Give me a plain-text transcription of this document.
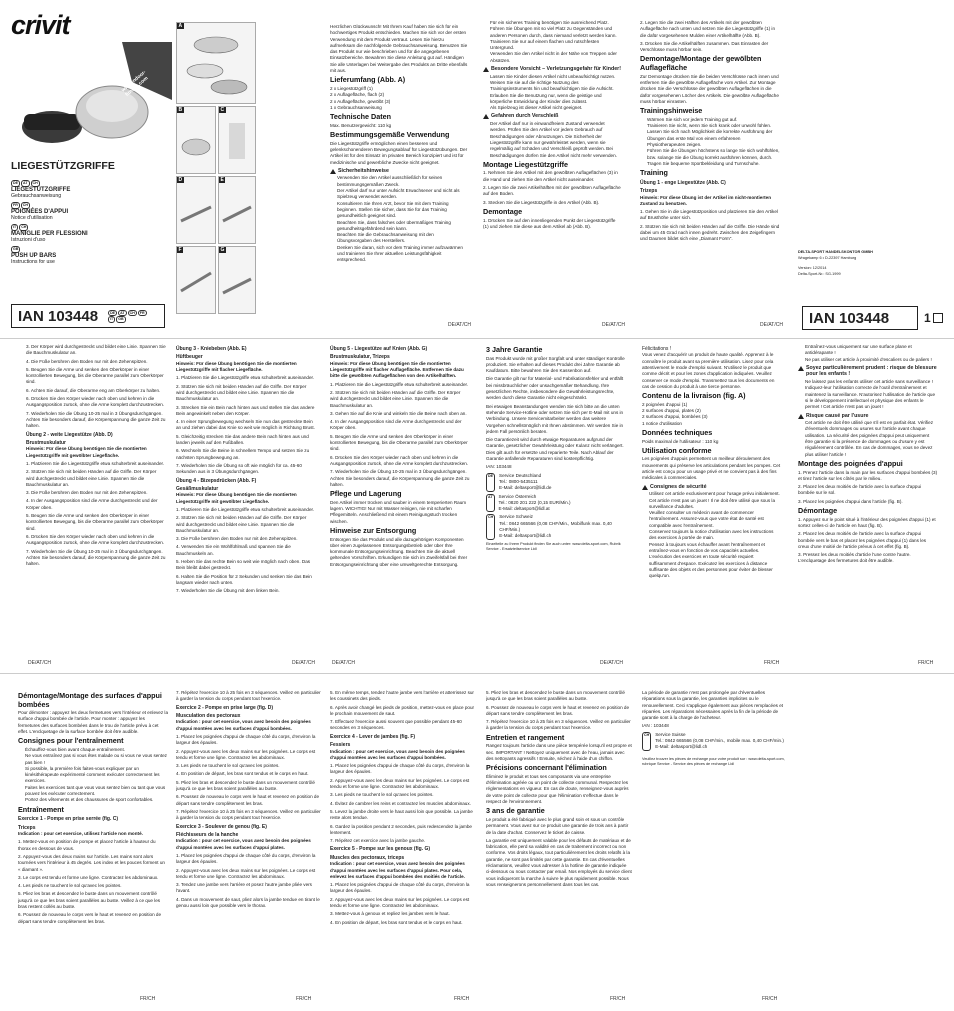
crivit
www.indoor-fitness.com
LIEGESTÜTZGRIFFE
DE AT CH
LIEGESTÜTZGRIFFE
Gebrauchsanweisung
FR CH
POIGNÉES D'APPUI
Notice d'utilisation
IT CH
MANIGLIE PER FLESSIONI
Istruzioni d'uso
GB
PUSH UP BARS
Instructions for use
IAN 103448	DE	AT	CH	FR
IT	GB
A
B	C
D	E
F	G

Herzlichen Glückwunsch! Mit Ihrem Kauf haben Sie sich für ein hochwertiges Produkt entschieden. Machen Sie sich vor der ersten Verwendung mit dem Produkt vertraut. Lesen Sie hierzu aufmerksam die nachfolgende Gebrauchsanweisung. Benutzen Sie das Produkt nur wie beschrieben und für die angegebenen Einsatzbereiche. Bewahren Sie diese Anleitung gut auf. Händigen Sie alle Unterlagen bei Weitergabe des Produkts an Dritte ebenfalls mit aus.

Lieferumfang (Abb. A)
2 x Liegestützgriff (1)
2 x Auflagefläche, flach (2)
2 x Auflagefläche, gewölbt (3)
1 x Gebrauchsanweisung
Technische Daten

Max. Benutzergewicht: 110 kg

Bestimmungsgemäße Verwendung

Die Liegestützgriffe ermöglichen einen besseren und gelenkschonenderen Bewegungsablauf für Liegestützübungen. Der Artikel ist für den Einsatz im privaten Bereich konzipiert und ist für medizinische und gewerbliche Zwecke nicht geeignet.

Sicherheitshinweise
• Verwenden Sie den Artikel ausschließlich für seinen bestimmungsgemäßen Zweck.
• Der Artikel darf nur unter Aufsicht Erwachsener und nicht als Spielzeug verwendet werden.
• Konsultieren Sie Ihren Arzt, bevor Sie mit dem Training beginnen. Stellen Sie sicher, dass Sie für das Training gesundheitlich geeignet sind.
• Beachten Sie, dass falsches oder übermäßiges Training gesundheitsgefährdend sein kann.
• Beachten Sie die Gebrauchsanweisung mit den Übungsvorgaben des Herstellers.
• Denken Sie daran, sich vor dem Training immer aufzuwärmen und trainieren Sie Ihrer aktuellen Leistungsfähigkeit entsprechend.
DE/AT/CH
• Für ein sicheres Training benötigen Sie ausreichend Platz. Führen Sie Übungen mit so viel Platz zu Gegenständen und anderen Personen durch, dass niemand verletzt werden kann.
• Trainieren Sie nur auf einem flachen und rutschfesten Untergrund.
• Verwenden Sie den Artikel nicht in der Nähe von Treppen oder Absätzen.
Besondere Vorsicht – Verletzungsgefahr für Kinder!
• Lassen Sie Kinder diesen Artikel nicht unbeaufsichtigt nutzen. Weisen Sie sie auf die richtige Nutzung des Trainingsinstruments hin und beaufsichtigen Sie die Aufsicht. Erlauben Sie die Benutzung nur, wenn die geistige und körperliche Entwicklung der Kinder dies zulässt.
• Als Spielzeug ist dieser Artikel nicht geeignet.
Gefahren durch Verschleiß
• Der Artikel darf nur in einwandfreiem Zustand verwendet werden. Prüfen Sie den Artikel vor jedem Gebrauch auf Beschädigungen oder Abnutzungen. Die Sicherheit der Liegestützgriffe kann nur gewährleistet werden, wenn sie regelmäßig auf Schäden und Verschleiß geprüft werden. Bei Beschädigungen dürfen Sie den Artikel nicht mehr verwenden.
Montage Liegestützgriffe

1. Nehmen Sie den Artikel mit den gewölbten Auflageflächen (3) in die Hand und ziehen Sie den Artikel nicht auseinander.

2. Legen Sie die zwei Artikelhälften mit der gewölbten Auflagefläche auf den Boden.

3. Stecken Sie die Liegestützgriffe in den Artikel (Abb. B).

Demontage

1. Drücken Sie auf den innenliegenden Punkt der Liegestützgriffe (1) und ziehen Sie diese aus dem Artikel ab (Abb. B).

DE/AT/CH

2. Legen Sie die zwei Hälften des Artikels mit der gewölbten Auflagefläche nach unten und setzen Sie die Liegestützgriffe (1) in die dafür vorgesehenen Mulden einer Artikelhälfte (Abb. B).

3. Drücken Sie die Artikelhälften zusammen. Das Einrasten der Verschlüsse muss hörbar sein.

Demontage/Montage der gewölbten Auflagefläche

Zur Demontage drücken Sie die beiden Verschlüsse nach innen und entfernen Sie die gewölbte Auflagefläche vom Artikel. Zur Montage drücken Sie die Verschlüsse der gewölbten Auflageflächen in die dafür vorgesehenen Löcher des Artikels. Die gewölbte Auflagefläche muss hörbar einrasten.

Trainingshinweise
• Wärmen Sie sich vor jedem Training gut auf.
• Trainieren Sie nicht, wenn Sie sich krank oder unwohl fühlen.
• Lassen Sie sich nach Möglichkeit die korrekte Ausführung der Übungen das erste Mal von einem erfahrenen Physiotherapeuten zeigen.
• Führen Sie die Übungen höchstens so lange Sie sich wohlfühlen, bzw. solange Sie die Übung korrekt ausführen können, durch.
• Tragen Sie bequeme Sportbekleidung und Turnschuhe.
Training
Übung 1 - enge Liegestütze (Abb. C)
Trizeps

Hinweis: Für diese Übung ist der Artikel im nicht-montierten Zustand zu benutzen.

1. Gehen Sie in die Liegestützposition und platzieren Sie den Artikel auf Brusthöhe unter sich.

2. Stützen Sie sich mit beiden Händen auf die Griffe. Die Hände sind dabei um 45 Grad nach innen gedreht. Zwischen den Zeigefingern und Daumen bildet sich eine „Diamant Form“.

DE/AT/CH
DELTA-SPORT HANDELSKONTOR GMBH
Wragekamp 6 • D-22397 Hamburg
Version: 12/2014
Delta-Sport-Nr.: SG-1999
IAN 103448	1

3. Der Körper wird durchgestreckt und bildet eine Linie. Spannen Sie die Bauchmuskulatur an.

4. Die Füße berühren den Boden nur mit den Zehenspitzen.

5. Beugen Sie die Arme und senken den Oberkörper in einer kontrollierten Bewegung, bis die Oberarme parallel zum Oberkörper sind.

6. Achten Sie darauf, die Oberarme eng am Oberkörper zu halten.

6. Drücken Sie den Körper wieder nach oben und kehren in die Ausgangsposition zurück, ohne die Arme komplett durchzustrecken.

7. Wiederholen Sie die Übung 10-25 mal in 3 Übungsdurchgängen. Achten Sie besonders darauf, die Körperspannung die ganze Zeit zu halten.

Übung 2 - weite Liegestütze (Abb. D)
Brustmuskulatur

Hinweis: Für diese Übung benötigen Sie die montierten Liegestützgriffe mit gewölbter Liegefläche.

1. Platzieren Sie die Liegestützgriffe etwa schulterbreit auseinander.

2. Stützen Sie sich mit beiden Händen auf die Griffe. Der Körper wird durchgestreckt und bildet eine Linie. Spannen Sie die Bauchmuskulatur an.

3. Die Füße berühren den Boden nur mit den Zehenspitzen.

4. In der Ausgangsposition sind die Arme durchgestreckt und der Körper oben.

5. Beugen Sie die Arme und senken den Oberkörper in einer kontrollierten Bewegung, bis die Oberarme parallel zum Oberkörper sind.

6. Drücken Sie den Körper wieder nach oben und kehren in die Ausgangsposition zurück, ohne die Arme komplett durchzustrecken.

7. Wiederholen Sie die Übung 10-25 mal in 3 Übungsdurchgängen. Achten Sie besonders darauf, die Körperspannung die ganze Zeit zu halten.

DE/AT/CH
Übung 3 - Kniebeben (Abb. E)
Hüftbeuger

Hinweis: Für diese Übung benötigen Sie die montierten Liegestützgriffe mit flacher Liegefläche.

1. Platzieren Sie die Liegestützgriffe etwa schulterbreit auseinander.

2. Stützen Sie sich mit beiden Händen auf die Griffe. Der Körper wird durchgestreckt und bildet eine Linie. Spannen Sie die Bauchmuskulatur an.

3. Strecken Sie ein Bein nach hinten aus und stellen Sie das andere Bein angewinkelt neben den Körper.

4. In einer Sprungbewegung wechseln Sie nun das gestreckte Bein an und ziehen dabei das Knie so weit wie möglich in Richtung Brust.

5. Gleichzeitig strecken Sie das andere Bein nach hinten aus und landen jeweils auf den Fußballen.

6. Wechseln Sie die Beine in schnellem Tempo und setzen Sie zu nächsten Sprungbewegung an.

7. Wiederholen Sie die Übung so oft wie möglich für ca. 45-60 Sekunden aus in 3 Übungsdurchgängen.

Übung 4 - Bizepsdrücken (Abb. F)
Gesäßmuskulatur

Hinweis: Für diese Übung benötigen Sie die montierten Liegestützgriffe mit gewölbter Liegefläche.

1. Platzieren Sie die Liegestützgriffe etwa schulterbreit auseinander.

2. Stützen Sie sich mit beiden Händen auf die Griffe. Der Körper wird durchgestreckt und bildet eine Linie. Spannen Sie die Bauchmuskulatur an.

3. Die Füße berühren den Boden nur mit den Zehenspitzen.

4. Verwenden Sie ein Wohlfühlmaß und spannen Sie die Bauchmuskeln an.

5. Heben Sie das rechte Bein so weit wie möglich nach oben. Das Bein bleibt dabei gestreckt.

6. Halten Sie die Position für 2 Sekunden und senken Sie das Bein langsam wieder nach unten.

7. Wiederholen Sie die Übung mit dem linken Bein.

DE/AT/CH
Übung 5 - Liegestütze auf Knien (Abb. G)
Brustmuskulatur, Trizeps

Hinweis: Für diese Übung benötigen Sie die montierten Liegestützgriffe mit flacher Auflagefläche. Entfernen Sie dazu bitte die gewölbten Auflageflächen von den Artikelhälften.

1. Platzieren Sie die Liegestützgriffe etwa schulterbreit auseinander.

2. Stützen Sie sich mit beiden Händen auf die Griffe. Der Körper wird durchgestreckt und bildet eine Linie. Spannen Sie die Bauchmuskulatur an.

3. Gehen Sie auf die Knie und winkeln Sie die Beine nach oben an.

4. In der Ausgangsposition sind die Arme durchgestreckt und der Körper oben.

5. Beugen Sie die Arme und senken den Oberkörper in einer kontrollierten Bewegung, bis die Oberarme parallel zum Oberkörper sind.

6. Drücken Sie den Körper wieder nach oben und kehren in die Ausgangsposition zurück, ohne die Arme komplett durchzustrecken.

7. Wiederholen Sie die Übung 10-25 mal in 3 Übungsdurchgängen. Achten Sie besonders darauf, die Körperspannung die ganze Zeit zu halten.

Pflege und Lagerung

Den Artikel immer trocken und sauber in einem temperierten Raum lagern. WICHTIG! Nur mit Wasser reinigen, nie mit scharfen Pflegemitteln. Anschließend mit einem Reinigungstuch trocken wischen.

Hinweise zur Entsorgung

Entsorgen Sie das Produkt und alle dazugehörigen Komponenten über einen zugelassenen Entsorgungsbetrieb oder über Ihre kommunale Entsorgungseinrichtung. Beachten Sie die aktuell geltenden Vorschriften. Erkundigen Sie sich im Zweifelsfall bei Ihrer Entsorgungseinrichtung über eine umweltgerechte Entsorgung.

DE/AT/CH
3 Jahre Garantie

Das Produkt wurde mit großer Sorgfalt und unter ständiger Kontrolle produziert. Sie erhalten auf dieses Produkt drei Jahre Garantie ab Kaufdatum. Bitte bewahren Sie den Kassenbon auf.

Die Garantie gilt nur für Material- und Fabrikationsfehler und entfällt bei missbräuchlicher oder unsachgemäßer Behandlung. Ihre gesetzlichen Rechte, insbesondere die Gewährleistungsrechte, werden durch diese Garantie nicht eingeschränkt.

Bei etwaigen Beanstandungen wenden Sie sich bitte an die unten stehende Service-Hotline oder setzen Sie sich per E-Mail mit uns in Verbindung. Unsere Servicemitarbeiter werden das weitere Vorgehen schnellstmöglich mit Ihnen abstimmen. Wir werden Sie in jedem Fall persönlich beraten.

Die Garantiezeit wird durch etwaige Reparaturen aufgrund der Garantie, gesetzlicher Gewährleistung oder Kulanz nicht verlängert. Dies gilt auch für ersetzte und reparierte Teile. Nach Ablauf der Garantie anfallende Reparaturen sind kostenpflichtig.

IAN: 103448

DE	Service Deutschland
Tel.: 0800-5435111
E-Mail: deltasport@lidl.de
AT	Service Österreich
Tel.: 0820 201 222 (0,15 EUR/Min.)
E-Mail: deltasport@lidl.at
CH	Service Schweiz
Tel.: 0842 665566 (0,08 CHF/Min., Mobilfunk max. 0,40 CHF/Min.)
E-Mail: deltasport@lidl.ch

Einzelteile zu Ihrem Produkt finden Sie auch unter: www.delta-sport.com, Rubrik Service - Ersatzteilservice Lidl

DE/AT/CH
Félicitations !

Vous venez d'acquérir un produit de haute qualité. Apprenez à le connaître le produit avant sa première utilisation. Lisez pour cela attentivement le mode d'emploi suivant. N'utilisez le produit que comme décrit et pour les zones d'application indiquées. Veuillez conserver ce mode d'emploi. Transmettez tous les documents en cas de cession du produit à une tierce personne.

Contenu de la livraison (fig. A)
2 poignées d'appui (1)
2 surfaces d'appui, plates (2)
2 surfaces d'appui, bombées (3)
1 notice d'utilisation
Données techniques

Poids maximal de l'utilisateur : 110 kg

Utilisation conforme

Les poignées d'appuis permettent un meilleur déroulement des mouvements qui préserve les articulations pendant les pompes. Cet article est conçu pour un usage privé et ne convient pas à des fins médicales à commerciales.

Consignes de sécurité
• Utilisez cet article exclusivement pour l'usage prévu initialement.
• Cet article n'est pas un jouet ! Il ne doit être utilisé que sous la surveillance d'adultes.
• Veuillez consulter un médecin avant de commencer l'entraînement. Assurez-vous que votre état de santé est compatible avec l'entraînement.
• Conservez toujours la notice d'utilisation avec les instructions des exercices à portée de main.
• Pensez à toujours vous échauffer avant l'entraînement et entraînez-vous en fonction de vos capacités actuelles.
• L'exécution des exercices en toute sécurité requiert suffisamment d'espace. Exécutez les exercices à distance suffisante des objets et des personnes pour éviter de blesser quelqu'un.
FR/CH
• Entraînez-vous uniquement sur une surface plane et antidérapante !
• Ne pas utiliser cet article à proximité d'escaliers ou de paliers !
Soyez particulièrement prudent : risque de blessure pour les enfants !
• Ne laissez pas les enfants utiliser cet article sans surveillance ! Indiquez-leur l'utilisation correcte de l'outil d'entraînement et maintenez la surveillance. N'autorisez l'utilisation de l'article que si le développement intellectuel et physique des enfants le permet ! Cet article n'est pas un jouet !
Risque causé par l'usure
• Cet article ne doit être utilisé que s'il est en parfait état. Vérifiez d'éventuels dommages ou usures sur l'article avant chaque utilisation. La sécurité des poignées d'appui peut uniquement être garantie si la présence de dommages ou d'usure y est régulièrement contrôlée. En cas de dommages, vous ne devez plus utiliser l'article !
Montage des poignées d'appui

1. Prenez l'article dans la main par les surfaces d'appui bombées (3) et tirez l'article sur les côtés par le milieu.

2. Placez les deux moitiés de l'article avec la surface d'appui bombée sur le sol.

3. Placez les poignées d'appui dans l'article (fig. B).

Démontage

1. Appuyez sur le point situé à l'intérieur des poignées d'appui (1) et sortez celles-ci de l'article en haut (fig. B).

2. Placez les deux moitiés de l'article avec la surface d'appui bombée vers le bas et placez les poignées d'appui (1) dans les creux d'une moitié de l'article prévus à cet effet (fig. B).

3. Pressez les deux moitiés d'article l'une contre l'autre. L'enclquetage des fermetures doit être audible.

FR/CH
Démontage/Montage des surfaces d'appui bombées

Pour démonter : appuyez les deux fermetures vers l'intérieur et enlevez la surface d'appui bombée de l'article. Pour monter : appuyez les fermetures des surfaces bombées dans le trou de l'article prévu à cet effet. L'enclquetage de la surface bombée doit être audible.

Consignes pour l'entraînement
• Échauffez-vous bien avant chaque entraînement.
• Ne vous entraînez pas si vous êtes malade ou si vous ne vous sentez pas bien !
• Si possible, la première fois faites-vous expliquer par un kinésithérapeute expérimenté comment exécuter correctement les exercices.
• Faites les exercices tant que vous vous sentez bien ou tant que vous pouvez les exécuter correctement.
• Portez des vêtements et des chaussures de sport confortables.
Entraînement
Exercice 1 - Pompe en prise serrée (fig. C)
Triceps

Indication : pour cet exercice, utilisez l'article non monté.

1. Mettez-vous en position de pompe et placez l'article à hauteur du thorax en dessous de vous.

2. Appuyez-vous des deux mains sur l'article. Les mains sont alors tournées vers l'intérieur à 45 degrés. Les index et les pouces forment un « diamant ».

3. Le corps est tendu et forme une ligne. Contractez les abdominaux.

4. Les pieds ne touchent le sol qu'avec les pointes.

5. Pliez les bras et descendez le buste dans un mouvement contrôlé jusqu'à ce que les bras soient parallèles au buste. Veillez à ce que les bras restent collés au buste.

6. Poussez de nouveau le corps vers le haut et revenez en position de départ sans tendre complètement les bras.

FR/CH

7. Répétez l'exercice 10 à 25 fois en 3 séquences. Veillez en particulier à garder la tension du corps pendant tout l'exercice.

Exercice 2 - Pompe en prise large (fig. D)
Musculation des pectoraux

Indication : pour cet exercice, vous avez besoin des poignées d'appui montées avec les surfaces d'appui bombées.

1. Placez les poignées d'appui de chaque côté du corps, d'environ la largeur des épaules.

2. Appuyez-vous avec les deux mains sur les poignées. Le corps est tendu et forme une ligne. Contractez les abdominaux.

3. Les pieds ne touchent le sol qu'avec les pointes.

4. En position de départ, les bras sont tendus et le corps en haut.

5. Pliez les bras et descendez le buste dans un mouvement contrôlé jusqu'à ce que les bras soient parallèles au buste.

6. Poussez de nouveau le corps vers le haut et revenez en position de départ sans tendre complètement les bras.

7. Répétez l'exercice 10 à 25 fois en 3 séquences. Veillez en particulier à garder la tension du corps pendant tout l'exercice.

Exercice 3 - Soulever de genou (fig. E)
Fléchisseurs de la hanche

Indication : pour cet exercice, vous avez besoin des poignées d'appui montées avec les surfaces d'appui plates.

1. Placez les poignées d'appui de chaque côté du corps, d'environ la largeur des épaules.

2. Appuyez-vous avec les deux mains sur les poignées. Le corps est tendu et forme une ligne. Contractez les abdominaux.

3. Tendez une jambe vers l'arrière et posez l'autre jambe pliée vers l'avant.

4. Dans un mouvement de saut, pliez alors la jambe tendue en tirant le genou aussi loin que possible vers le thorax.

FR/CH

5. En même temps, tendez l'autre jambe vers l'arrière et atterrissez sur les coussinets des pieds.

6. Après avoir changé les pieds de position, mettez-vous en place pour le prochain mouvement de saut.

7. Effectuez l'exercice aussi souvent que possible pendant 45-60 secondes en 3 séquences.

Exercice 4 - Lever de jambes (fig. F)
Fessiers

Indication : pour cet exercice, vous avez besoin des poignées d'appui montées avec les surfaces d'appui bombées.

1. Placez les poignées d'appui de chaque côté du corps, d'environ la largeur des épaules.

2. Appuyez-vous avec les deux mains sur les poignées. Le corps est tendu et forme une ligne. Contractez les abdominaux.

3. Les pieds ne touchent le sol qu'avec les pointes.

4. Évitez de cambrer les reins et contractez les muscles abdominaux.

5. Levez la jambe droite vers le haut aussi loin que possible. La jambe reste alors tendue.

6. Gardez la position pendant 2 secondes, puis redescendez la jambe lentement.

7. Répétez cet exercice avec la jambe gauche.

Exercice 5 - Pompe sur les genoux (fig. G)
Muscles des pectoraux, triceps

Indication : pour cet exercice, vous avez besoin des poignées d'appui montées avec les surfaces d'appui plates. Pour cela, enlevez les surfaces d'appui bombées des moitiés de l'article.

1. Placez les poignées d'appui de chaque côté du corps, d'environ la largeur des épaules.

2. Appuyez-vous avec les deux mains sur les poignées. Le corps est tendu et forme une ligne. Contractez les abdominaux.

3. Mettez-vous à genoux et repliez les jambes vers le haut.

4. En position de départ, les bras sont tendus et le corps en haut.

FR/CH

5. Pliez les bras et descendez le buste dans un mouvement contrôlé jusqu'à ce que les bras soient parallèles au buste.

6. Poussez de nouveau le corps vers le haut et revenez en position de départ sans tendre complètement les bras.

7. Répétez l'exercice 10 à 25 fois en 3 séquences. Veillez en particulier à garder la tension du corps pendant tout l'exercice.

Entretien et rangement

Rangez toujours l'article dans une pièce tempérée lorsqu'il est propre et sec. IMPORTANT ! Nettoyez uniquement avec de l'eau, jamais avec des nettoyants agressifs ! Ensuite, séchez à l'aide d'un chiffon.

Précisions concernant l'élimination

Éliminez le produit et tous ses composants via une entreprise d'élimination agréée ou un point de collecte communal. Respectez les réglementations en vigueur. En cas de doute, renseignez-vous auprès de votre point de collecte pour que l'élimination s'effectue dans le respect de l'environnement.

3 ans de garantie

Le produit a été fabriqué avec le plus grand soin et sous un contrôle permanent. Vous avez sur ce produit une garantie de trois ans à partir de la date d'achat. Conservez le ticket de caisse.

La garantie est uniquement valable pour les défauts de matériaux et de fabrication, elle perd sa validité en cas de traitement incorrect ou non conforme. Vos droits légaux, tout particulièrement les droits relatifs à la garantie, ne sont pas limités par cette garantie. En cas d'éventuelles réclamations, veuillez vous adresser à la hotline de garantie indiquée ci-dessous ou nous contacter par email. Nos employés du service client vous indiqueront la marche à suivre le plus rapidement possible. Nous vous renseignerons personnellement dans tous les cas.

FR/CH

La période de garantie n'est pas prolongée par d'éventuelles réparations sous la garantie, les garanties implicites ou le renouvellement. Ceci s'applique également aux pièces remplacées et réparées. Les réparations nécessaires après la fin de la période de garantie sont à la charge de l'acheteur.

IAN : 103448

CH	Service Suisse
Tel.: 0842 665566 (0,08 CHF/min., mobile max. 0,40 CHF/min.)
E-Mail: deltasport@lidl.ch

Veuillez trouver les pièces de rechange pour votre produit sur : www.delta-sport.com, rubrique Service - Service des pièces de rechange Lidl

FR/CH
